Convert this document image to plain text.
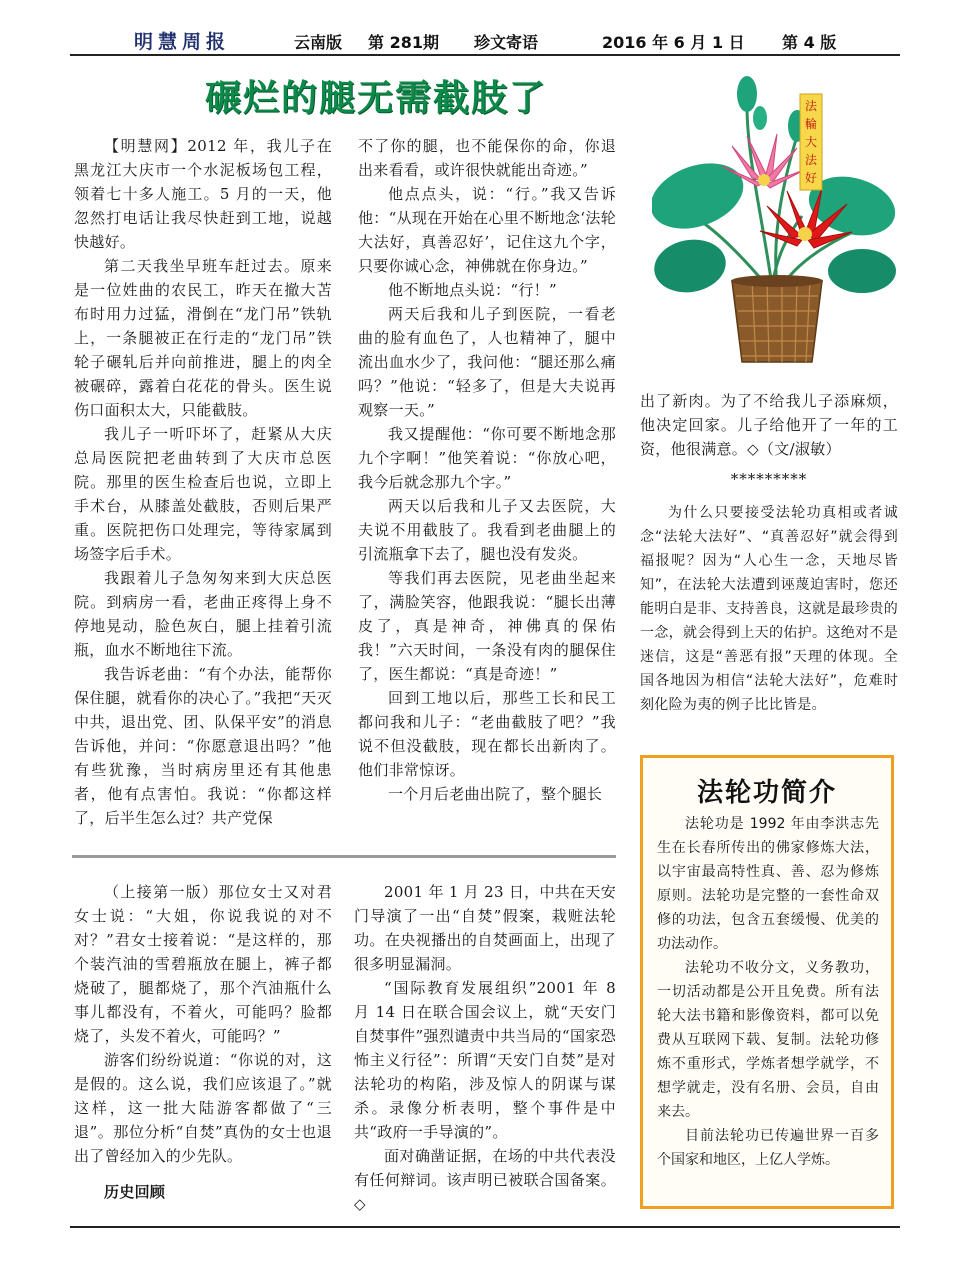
明慧周报	云南版 第 281期 珍文寄语	2016 年 6 月 1 日 第 4 版
碾烂的腿无需截肢了

【明慧网】2012 年，我儿子在黑龙江大庆市一个水泥板场包工程，领着七十多人施工。5 月的一天，他忽然打电话让我尽快赶到工地，说越快越好。

第二天我坐早班车赶过去。原来是一位姓曲的农民工，昨天在撤大苫布时用力过猛，滑倒在“龙门吊”铁轨上，一条腿被正在行走的“龙门吊”铁轮子碾轧后并向前推进，腿上的肉全被碾碎，露着白花花的骨头。医生说伤口面积太大，只能截肢。

我儿子一听吓坏了，赶紧从大庆总局医院把老曲转到了大庆市总医院。那里的医生检查后也说，立即上手术台，从膝盖处截肢，否则后果严重。医院把伤口处理完，等待家属到场签字后手术。

我跟着儿子急匆匆来到大庆总医院。到病房一看，老曲正疼得上身不停地晃动，脸色灰白，腿上挂着引流瓶，血水不断地往下流。

我告诉老曲：“有个办法，能帮你保住腿，就看你的决心了。”我把“天灭中共，退出党、团、队保平安”的消息告诉他，并问：“你愿意退出吗？”他有些犹豫，当时病房里还有其他患者，他有点害怕。我说：“你都这样了，后半生怎么过？共产党保

不了你的腿，也不能保你的命，你退出来看看，或许很快就能出奇迹。”

他点点头，说：“行。”我又告诉他：“从现在开始在心里不断地念‘法轮大法好，真善忍好’，记住这九个字，只要你诚心念，神佛就在你身边。”

他不断地点头说：“行！”

两天后我和儿子到医院，一看老曲的脸有血色了，人也精神了，腿中流出血水少了，我问他：“腿还那么痛吗？”他说：“轻多了，但是大夫说再观察一天。”

我又提醒他：“你可要不断地念那九个字啊！”他笑着说：“你放心吧，我今后就念那九个字。”

两天以后我和儿子又去医院，大夫说不用截肢了。我看到老曲腿上的引流瓶拿下去了，腿也没有发炎。

等我们再去医院，见老曲坐起来了，满脸笑容，他跟我说：“腿长出薄皮了，真是神奇，神佛真的保佑我！”六天时间，一条没有肉的腿保住了，医生都说：“真是奇迹！”

回到工地以后，那些工长和民工都问我和儿子：“老曲截肢了吧？”我说不但没截肢，现在都长出新肉了。他们非常惊讶。

一个月后老曲出院了，整个腿长

法
輪
大
法
好

出了新肉。为了不给我儿子添麻烦，他决定回家。儿子给他开了一年的工资，他很满意。◇（文/淑敏）

*********

为什么只要接受法轮功真相或者诚念“法轮大法好”、“真善忍好”就会得到福报呢？因为“人心生一念，天地尽皆知”，在法轮大法遭到诬蔑迫害时，您还能明白是非、支持善良，这就是最珍贵的一念，就会得到上天的佑护。这绝对不是迷信，这是“善恶有报”天理的体现。全国各地因为相信“法轮大法好”，危难时刻化险为夷的例子比比皆是。

法轮功简介

法轮功是 1992 年由李洪志先生在长春所传出的佛家修炼大法，以宇宙最高特性真、善、忍为修炼原则。法轮功是完整的一套性命双修的功法，包含五套缓慢、优美的功法动作。

法轮功不收分文，义务教功，一切活动都是公开且免费。所有法轮大法书籍和影像资料，都可以免费从互联网下载、复制。法轮功修炼不重形式，学炼者想学就学，不想学就走，没有名册、会员，自由来去。

目前法轮功已传遍世界一百多个国家和地区，上亿人学炼。

（上接第一版）那位女士又对君女士说：“大姐，你说我说的对不对？”君女士接着说：“是这样的，那个装汽油的雪碧瓶放在腿上，裤子都烧破了，腿都烧了，那个汽油瓶什么事儿都没有，不着火，可能吗？脸都烧了，头发不着火，可能吗？”

游客们纷纷说道：“你说的对，这是假的。这么说，我们应该退了。”就这样，这一批大陆游客都做了“三退”。那位分析“自焚”真伪的女士也退出了曾经加入的少先队。

历史回顾

2001 年 1 月 23 日，中共在天安门导演了一出“自焚”假案，栽赃法轮功。在央视播出的自焚画面上，出现了很多明显漏洞。

“国际教育发展组织”2001 年 8 月 14 日在联合国会议上，就“天安门自焚事件”强烈谴责中共当局的“国家恐怖主义行径”：所谓“天安门自焚”是对法轮功的构陷，涉及惊人的阴谋与谋杀。录像分析表明，整个事件是中共“政府一手导演的”。

面对确凿证据，在场的中共代表没有任何辩词。该声明已被联合国备案。◇
